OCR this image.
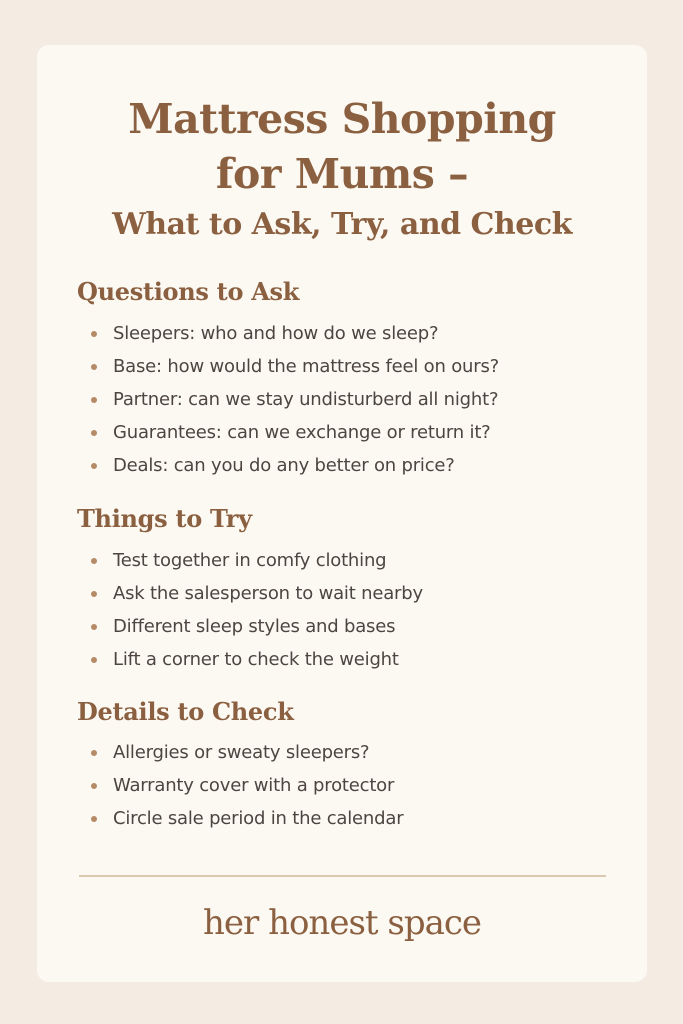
Mattress Shopping
for Mums –
What to Ask, Try, and Check
Questions to Ask
Sleepers: who and how do we sleep?
Base: how would the mattress feel on ours?
Partner: can we stay undisturberd all night?
Guarantees: can we exchange or return it?
Deals: can you do any better on price?
Things to Try
Test together in comfy clothing
Ask the salesperson to wait nearby
Different sleep styles and bases
Lift a corner to check the weight
Details to Check
Allergies or sweaty sleepers?
Warranty cover with a protector
Circle sale period in the calendar

her honest space
